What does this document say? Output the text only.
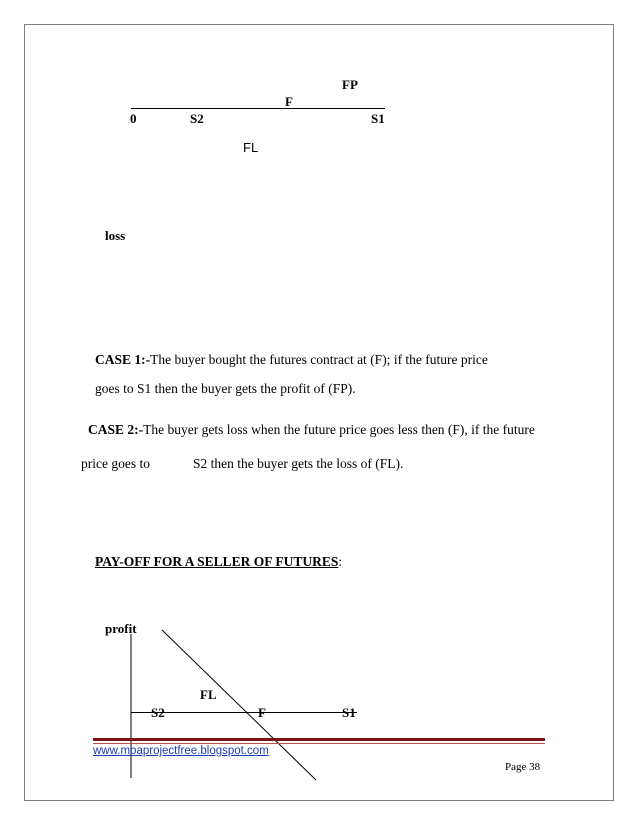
FP
F
0	S2	S1
FL
loss
CASE 1:-The buyer bought the futures contract at (F); if the future price
goes to S1 then the buyer gets the profit of (FP).
CASE 2:-The buyer gets loss when the future price goes less then (F), if the future
price goes to	S2 then the buyer gets the loss of (FL).
PAY-OFF FOR A SELLER OF FUTURES:
profit
FL
S2	F	S1
www.mbaprojectfree.blogspot.com
Page 38
